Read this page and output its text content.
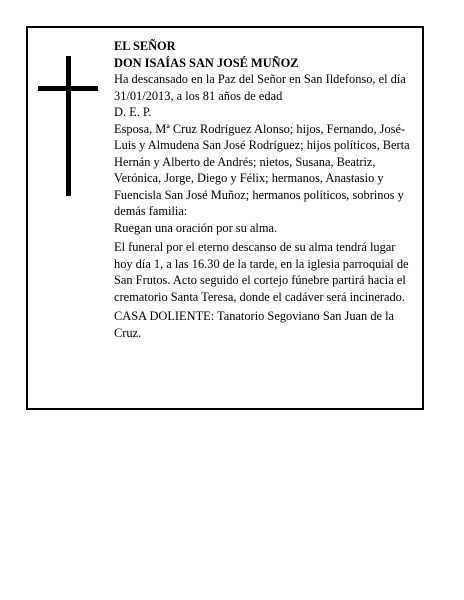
EL SEÑOR

DON ISAÍAS SAN JOSÉ MUÑOZ

Ha descansado en la Paz del Señor en San Ildefonso, el día 31/01/2013, a los 81 años de edad

D. E. P.

Esposa, Mª Cruz Rodríguez Alonso; hijos, Fernando, José-Luis y Almudena San José Rodríguez; hijos políticos, Berta Hernán y Alberto de Andrés; nietos, Susana, Beatriz, Verónica, Jorge, Diego y Félix; hermanos, Anastasio y Fuencisla San José Muñoz; hermanos políticos, sobrinos y demás familia:

Ruegan una oración por su alma.

El funeral por el eterno descanso de su alma tendrá lugar hoy día 1, a las 16.30 de la tarde, en la iglesia parroquial de San Frutos. Acto seguido el cortejo fúnebre partirá hacia el crematorio Santa Teresa, donde el cadáver será incinerado.

CASA DOLIENTE: Tanatorio Segoviano San Juan de la Cruz.
